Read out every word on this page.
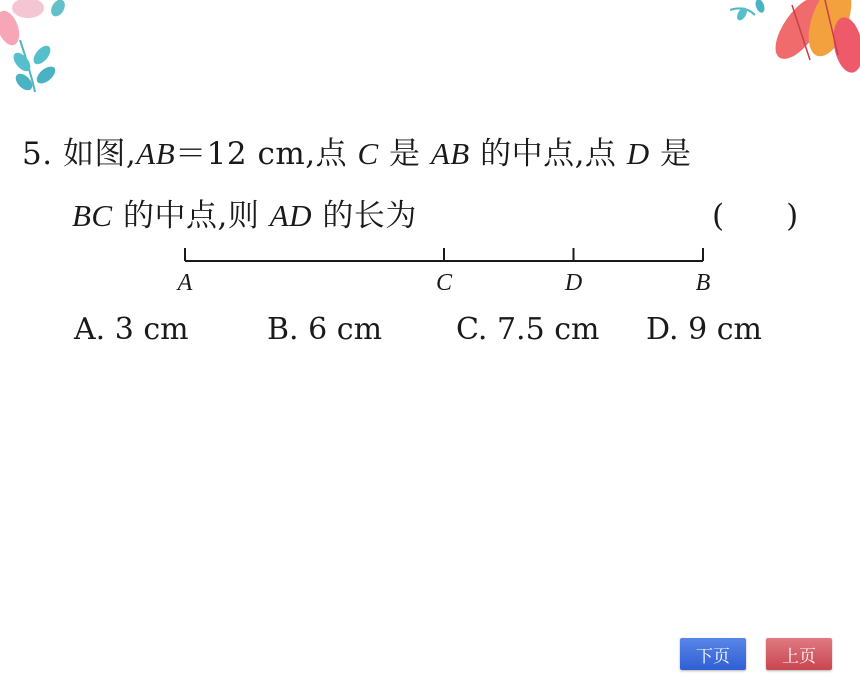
5. 如图,AB＝12 cm,点 C 是 AB 的中点,点 D 是
BC 的中点,则 AD 的长为	(　　)
A	C	D	B
A. 3 cm	B. 6 cm C. 7.5 cm D. 9 cm
下页	上页
